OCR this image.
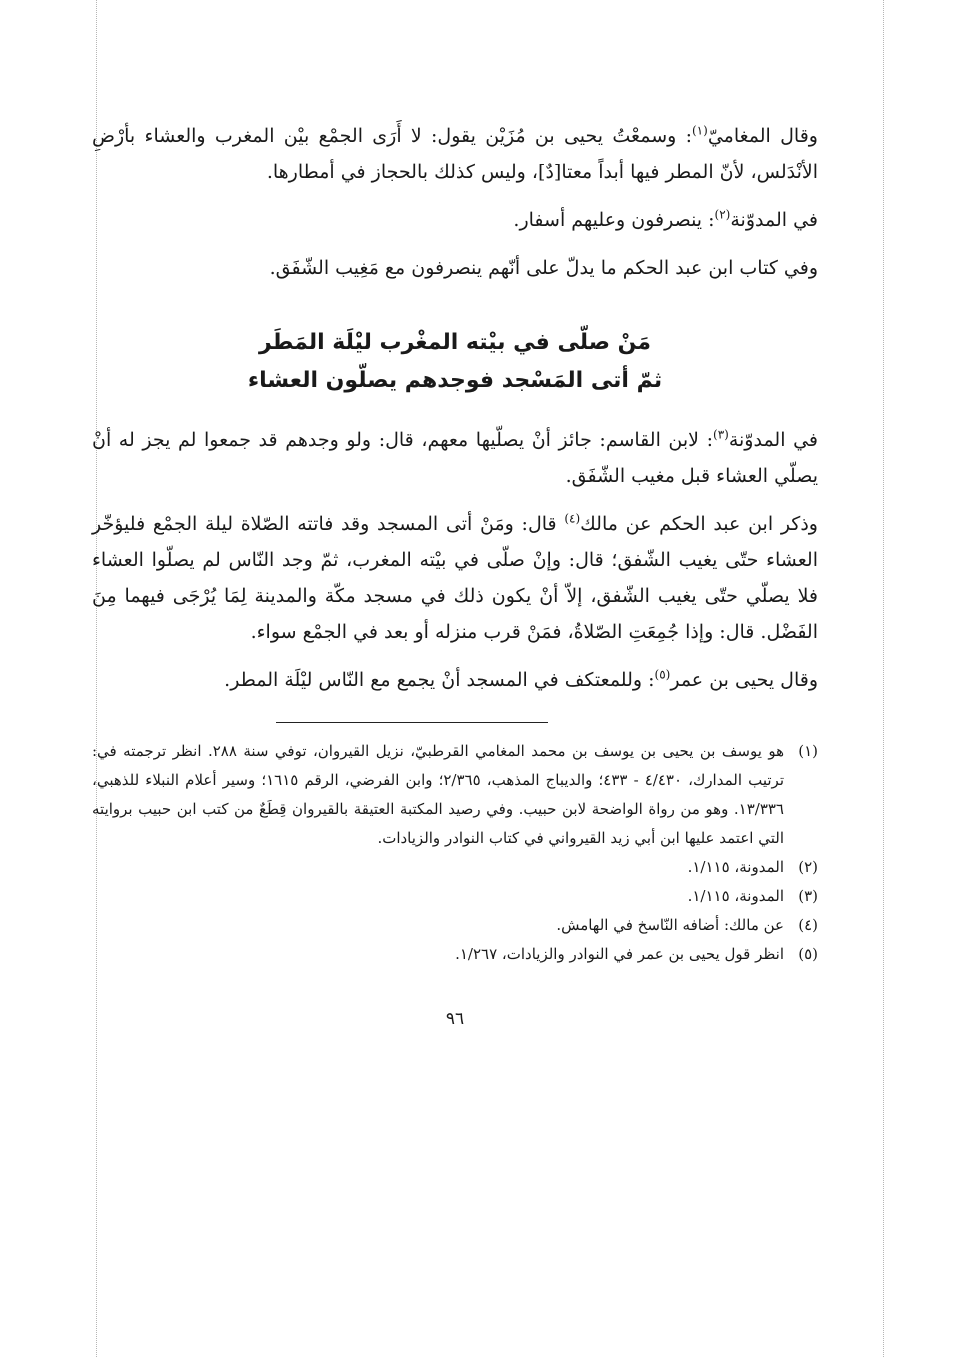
وقال المغاميّ$^{(١)}$: وسمعْتُ يحيى بن مُزَيْن يقول: لا أَرَى الجمْع بيْن المغرب والعشاء بأرْضِ الأنْدَلس، لأنّ المطر فيها أبداً معتا[دٌ]، وليس كذلك بالحجاز في أمطارها.

في المدوّنة$^{(٢)}$: ينصرفون وعليهم أسفار.

وفي كتاب ابن عبد الحكم ما يدلّ على أنّهم ينصرفون مع مَغِيب الشّفَق.

مَنْ صلّى في بيْته المغْرب ليْلَة المَطَر

ثمّ أتى المَسْجد فوجدهم يصلّون العشاء

في المدوّنة$^{(٣)}$: لابن القاسم: جائز أنْ يصلّيها معهم، قال: ولو وجدهم قد جمعوا لم يجز له أنْ يصلّي العشاء قبل مغيب الشّفَق.

وذكر ابن عبد الحكم عن مالك$^{(٤)}$ قال: ومَنْ أتى المسجد وقد فاتته الصّلاة ليلة الجمْع فليؤخّر العشاء حتّى يغيب الشّفق؛ قال: وإنْ صلّى في بيْته المغرب، ثمّ وجد النّاس لم يصلّوا العشاء فلا يصلّي حتّى يغيب الشّفق، إلاّ أنْ يكون ذلك في مسجد مكّة والمدينة لِمَا يُرْجَى فيهما مِنَ الفَضْل. قال: وإذا جُمِعَتِ الصّلاةُ، فمَنْ قرب منزله أو بعد في الجمْع سواء.

وقال يحيى بن عمر$^{(٥)}$: وللمعتكف في المسجد أنْ يجمع مع النّاس ليْلَة المطر.

(١)
هو يوسف بن يحيى بن يوسف بن محمد المغامي القرطبيّ، نزيل القيروان، توفي سنة ٢٨٨. انظر ترجمته في: ترتيب المدارك، ٤/٤٣٠ - ٤٣٣؛ والديباج المذهب، ٢/٣٦٥؛ وابن الفرضي، الرقم ١٦١٥؛ وسير أعلام النبلاء للذهبي، ١٣/٣٣٦. وهو من رواة الواضحة لابن حبيب. وفي رصيد المكتبة العتيقة بالقيروان قِطَعٌ من كتب ابن حبيب بروايته التي اعتمد عليها ابن أبي زيد القيرواني في كتاب النوادر والزيادات.
(٢)
المدونة، ١/١١٥.
(٣)
المدونة، ١/١١٥.
(٤)
عن مالك: أضافه النّاسخ في الهامش.
(٥)
انظر قول يحيى بن عمر في النوادر والزيادات، ١/٢٦٧.
٩٦
